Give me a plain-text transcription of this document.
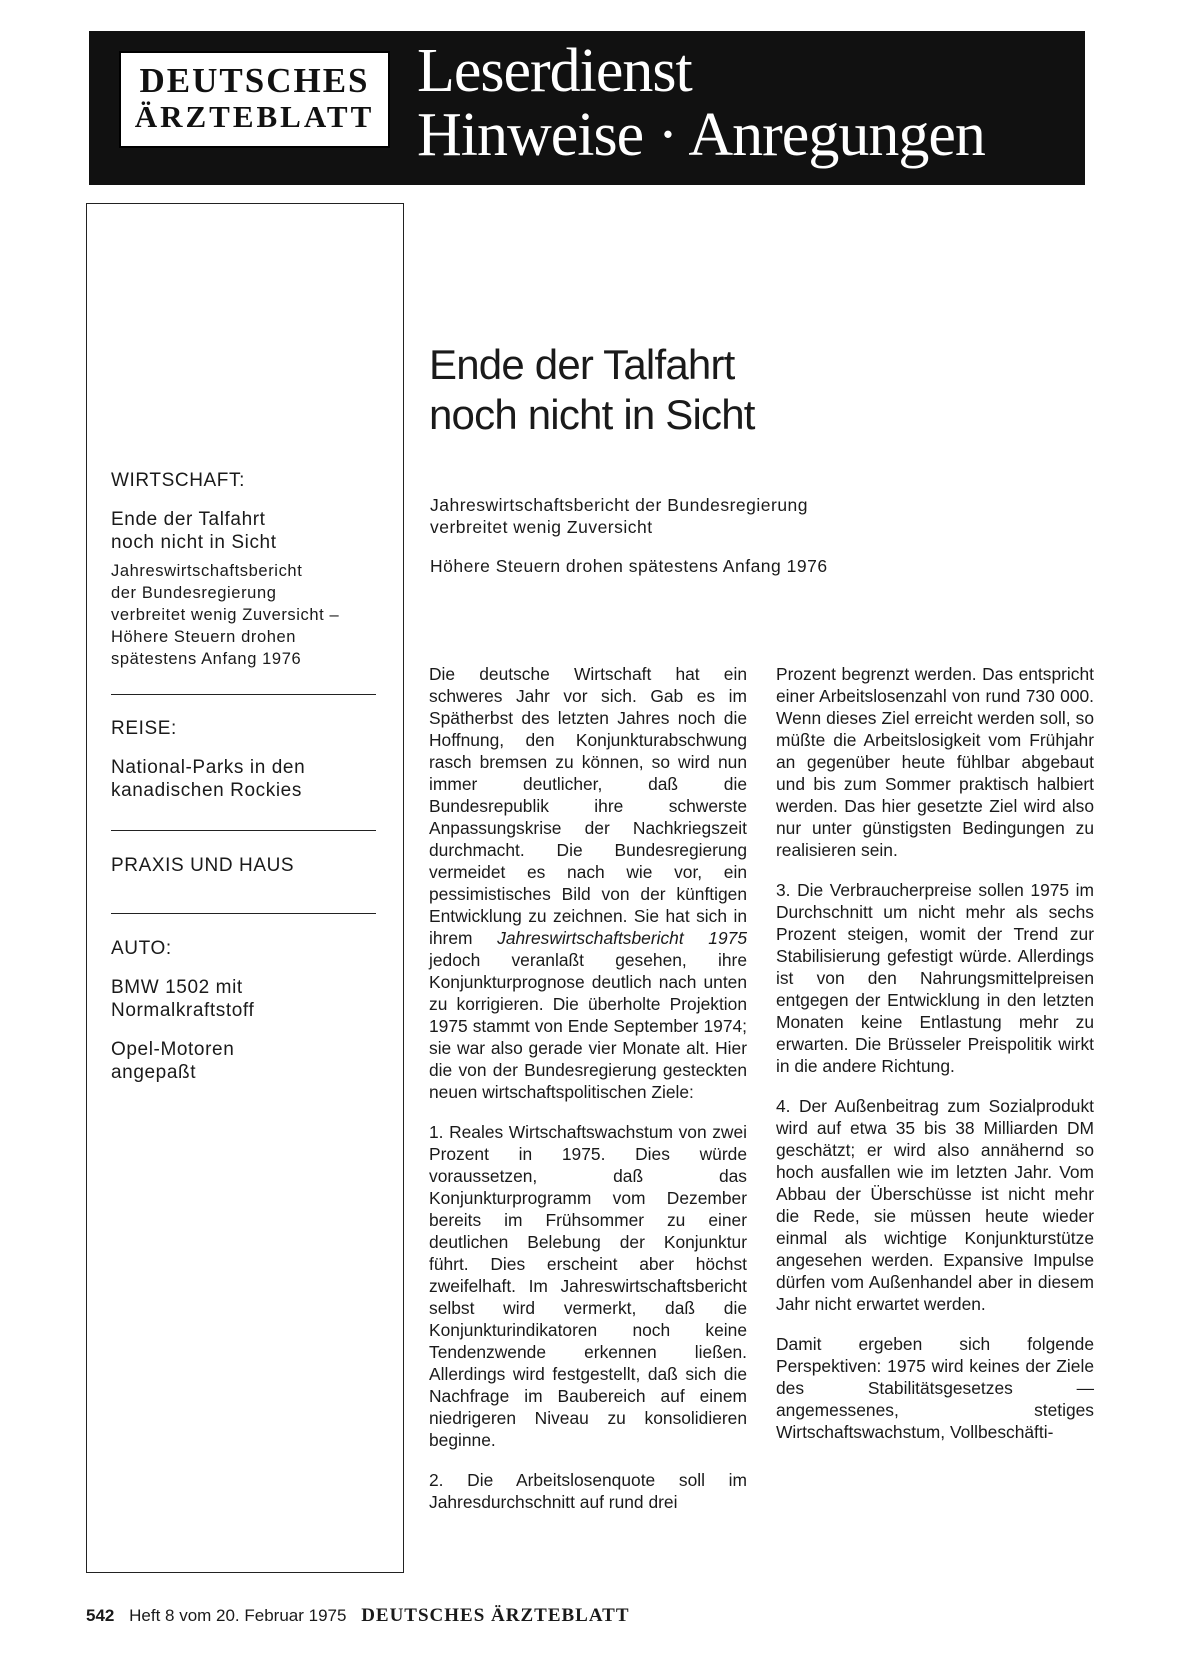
DEUTSCHES
ÄRZTEBLATT
Leserdienst
Hinweise · Anregungen
WIRTSCHAFT:
Ende der Talfahrt
noch nicht in Sicht
Jahreswirtschaftsbericht
der Bundesregierung
verbreitet wenig Zuversicht –
Höhere Steuern drohen
spätestens Anfang 1976
REISE:
National-Parks in den
kanadischen Rockies
PRAXIS UND HAUS
AUTO:
BMW 1502 mit
Normalkraftstoff
Opel-Motoren
angepaßt
Ende der Talfahrt
noch nicht in Sicht
Jahreswirtschaftsbericht der Bundesregierung
verbreitet wenig Zuversicht
Höhere Steuern drohen spätestens Anfang 1976

Die deutsche Wirtschaft hat ein schweres Jahr vor sich. Gab es im Spätherbst des letzten Jahres noch die Hoffnung, den Konjunkturabschwung rasch bremsen zu können, so wird nun immer deutlicher, daß die Bundesrepublik ihre schwerste Anpassungskrise der Nachkriegszeit durchmacht. Die Bundesregierung vermeidet es nach wie vor, ein pessimistisches Bild von der künftigen Entwicklung zu zeichnen. Sie hat sich in ihrem Jahreswirtschaftsbericht 1975 jedoch veranlaßt gesehen, ihre Konjunkturprognose deutlich nach unten zu korrigieren. Die überholte Projektion 1975 stammt von Ende September 1974; sie war also gerade vier Monate alt. Hier die von der Bundesregierung gesteckten neuen wirtschaftspolitischen Ziele:

1. Reales Wirtschaftswachstum von zwei Prozent in 1975. Dies würde voraussetzen, daß das Konjunkturprogramm vom Dezember bereits im Frühsommer zu einer deutlichen Belebung der Konjunktur führt. Dies erscheint aber höchst zweifelhaft. Im Jahreswirtschaftsbericht selbst wird vermerkt, daß die Konjunkturindikatoren noch keine Tendenzwende erkennen ließen. Allerdings wird festgestellt, daß sich die Nachfrage im Baubereich auf einem niedrigeren Niveau zu konsolidieren beginne.

2. Die Arbeitslosenquote soll im Jahresdurchschnitt auf rund drei

Prozent begrenzt werden. Das entspricht einer Arbeitslosenzahl von rund 730 000. Wenn dieses Ziel erreicht werden soll, so müßte die Arbeitslosigkeit vom Frühjahr an gegenüber heute fühlbar abgebaut und bis zum Sommer praktisch halbiert werden. Das hier gesetzte Ziel wird also nur unter günstigsten Bedingungen zu realisieren sein.

3. Die Verbraucherpreise sollen 1975 im Durchschnitt um nicht mehr als sechs Prozent steigen, womit der Trend zur Stabilisierung gefestigt würde. Allerdings ist von den Nahrungsmittelpreisen entgegen der Entwicklung in den letzten Monaten keine Entlastung mehr zu erwarten. Die Brüsseler Preispolitik wirkt in die andere Richtung.

4. Der Außenbeitrag zum Sozialprodukt wird auf etwa 35 bis 38 Milliarden DM geschätzt; er wird also annähernd so hoch ausfallen wie im letzten Jahr. Vom Abbau der Überschüsse ist nicht mehr die Rede, sie müssen heute wieder einmal als wichtige Konjunkturstütze angesehen werden. Expansive Impulse dürfen vom Außenhandel aber in diesem Jahr nicht erwartet werden.

Damit ergeben sich folgende Perspektiven: 1975 wird keines der Ziele des Stabilitätsgesetzes — angemessenes, stetiges Wirtschaftswachstum, Vollbeschäfti-

542 Heft 8 vom 20. Februar 1975 DEUTSCHES ÄRZTEBLATT
